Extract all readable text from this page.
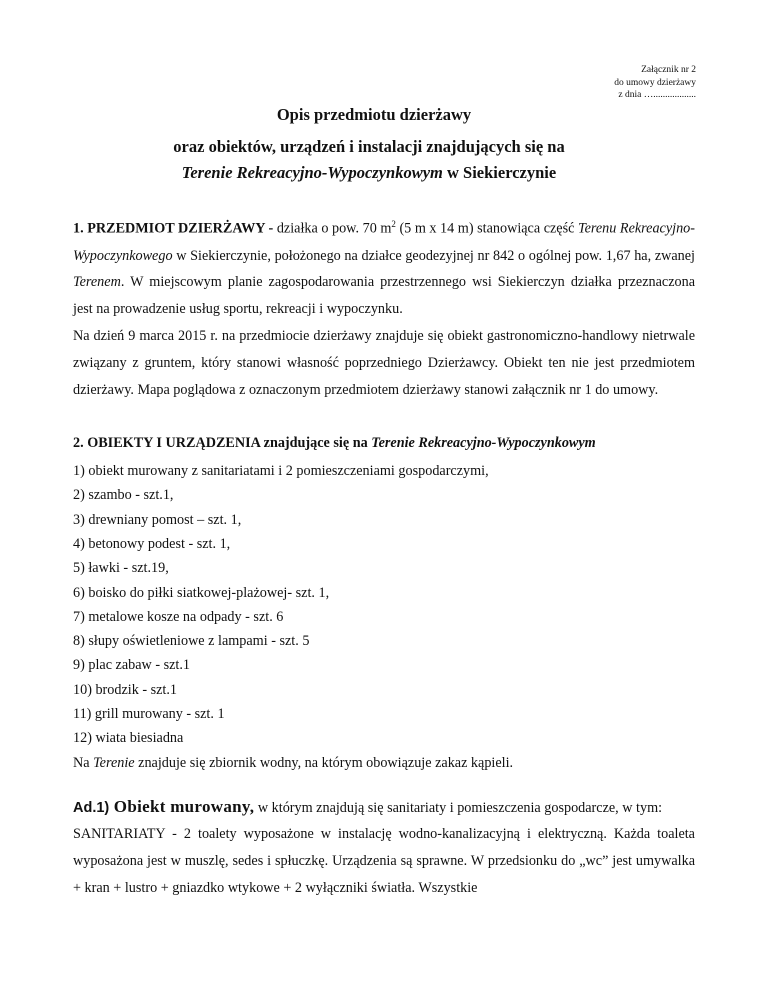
Załącznik nr 2
do umowy dzierżawy
z dnia …..................
Opis przedmiotu dzierżawy
oraz obiektów, urządzeń i instalacji znajdujących się na
Terenie Rekreacyjno-Wypoczynkowym w Siekierczynie

1. PRZEDMIOT DZIERŻAWY - działka o pow. 70 $m^2$ (5 m x 14 m) stanowiąca część Terenu Rekreacyjno-Wypoczynkowego w Siekierczynie, położonego na działce geodezyjnej nr 842 o ogólnej pow. 1,67 ha, zwanej Terenem. W miejscowym planie zagospodarowania przestrzennego wsi Siekierczyn działka przeznaczona jest na prowadzenie usług sportu, rekreacji i wypoczynku.

Na dzień 9 marca 2015 r. na przedmiocie dzierżawy znajduje się obiekt gastronomiczno-handlowy nietrwale związany z gruntem, który stanowi własność poprzedniego Dzierżawcy. Obiekt ten nie jest przedmiotem dzierżawy. Mapa poglądowa z oznaczonym przedmiotem dzierżawy stanowi załącznik nr 1 do umowy.

2. OBIEKTY I URZĄDZENIA znajdujące się na Terenie Rekreacyjno-Wypoczynkowym
1) obiekt murowany z sanitariatami i 2 pomieszczeniami gospodarczymi,
2) szambo - szt.1,
3) drewniany pomost – szt. 1,
4) betonowy podest - szt. 1,
5) ławki - szt.19,
6) boisko do piłki siatkowej-plażowej- szt. 1,
7) metalowe kosze na odpady - szt. 6
8) słupy oświetleniowe z lampami - szt. 5
9) plac zabaw - szt.1
10) brodzik - szt.1
11) grill murowany - szt. 1
12) wiata biesiadna
Na Terenie znajduje się zbiornik wodny, na którym obowiązuje zakaz kąpieli.

Ad.1) Obiekt murowany, w którym znajdują się sanitariaty i pomieszczenia gospodarcze, w tym:

SANITARIATY - 2 toalety wyposażone w instalację wodno-kanalizacyjną i elektryczną. Każda toaleta wyposażona jest w muszlę, sedes i spłuczkę. Urządzenia są sprawne. W przedsionku do „wc” jest umywalka + kran + lustro + gniazdko wtykowe + 2 wyłączniki światła. Wszystkie
